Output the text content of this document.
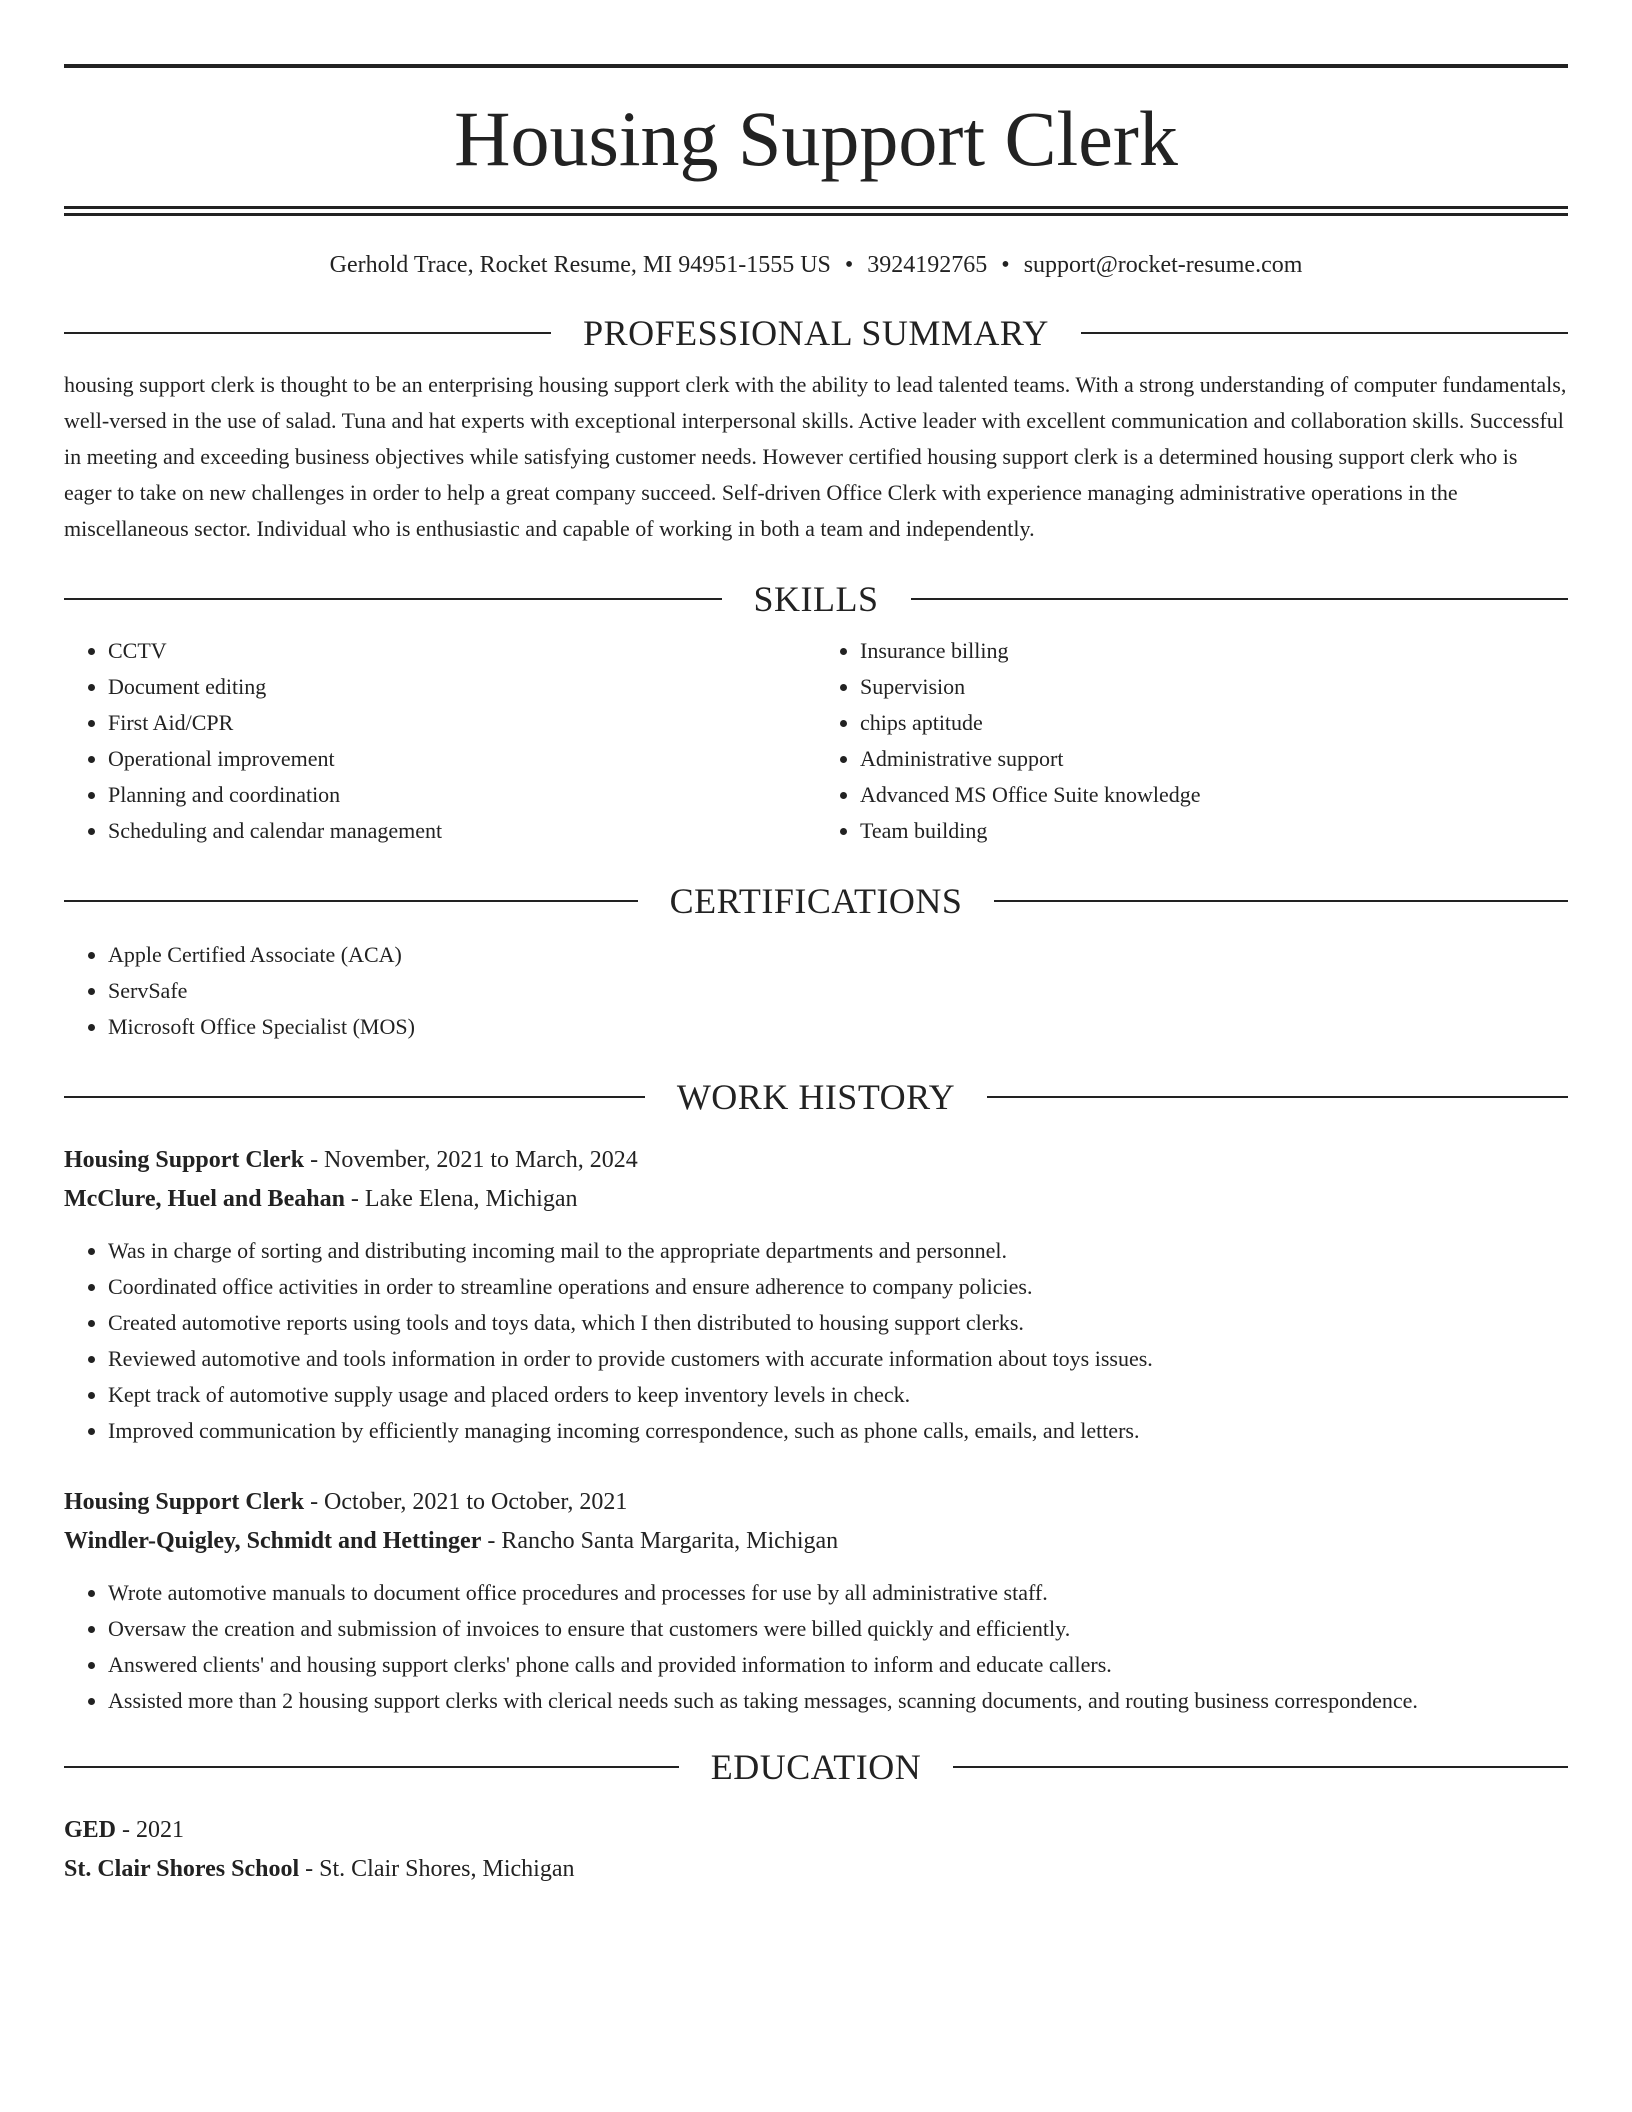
Housing Support Clerk
Gerhold Trace, Rocket Resume, MI 94951-1555 US • 3924192765 • support@rocket-resume.com
PROFESSIONAL SUMMARY
housing support clerk is thought to be an enterprising housing support clerk with the ability to lead talented teams. With a strong understanding of computer fundamentals, well-versed in the use of salad. Tuna and hat experts with exceptional interpersonal skills. Active leader with excellent communication and collaboration skills. Successful in meeting and exceeding business objectives while satisfying customer needs. However certified housing support clerk is a determined housing support clerk who is eager to take on new challenges in order to help a great company succeed. Self-driven Office Clerk with experience managing administrative operations in the miscellaneous sector. Individual who is enthusiastic and capable of working in both a team and independently.
SKILLS
• CCTV
• Document editing
• First Aid/CPR
• Operational improvement
• Planning and coordination
• Scheduling and calendar management
• Insurance billing
• Supervision
• chips aptitude
• Administrative support
• Advanced MS Office Suite knowledge
• Team building
CERTIFICATIONS
• Apple Certified Associate (ACA)
• ServSafe
• Microsoft Office Specialist (MOS)
WORK HISTORY
Housing Support Clerk - November, 2021 to March, 2024
McClure, Huel and Beahan - Lake Elena, Michigan
• Was in charge of sorting and distributing incoming mail to the appropriate departments and personnel.
• Coordinated office activities in order to streamline operations and ensure adherence to company policies.
• Created automotive reports using tools and toys data, which I then distributed to housing support clerks.
• Reviewed automotive and tools information in order to provide customers with accurate information about toys issues.
• Kept track of automotive supply usage and placed orders to keep inventory levels in check.
• Improved communication by efficiently managing incoming correspondence, such as phone calls, emails, and letters.
Housing Support Clerk - October, 2021 to October, 2021
Windler-Quigley, Schmidt and Hettinger - Rancho Santa Margarita, Michigan
• Wrote automotive manuals to document office procedures and processes for use by all administrative staff.
• Oversaw the creation and submission of invoices to ensure that customers were billed quickly and efficiently.
• Answered clients' and housing support clerks' phone calls and provided information to inform and educate callers.
• Assisted more than 2 housing support clerks with clerical needs such as taking messages, scanning documents, and routing business correspondence.
EDUCATION
GED - 2021
St. Clair Shores School - St. Clair Shores, Michigan
